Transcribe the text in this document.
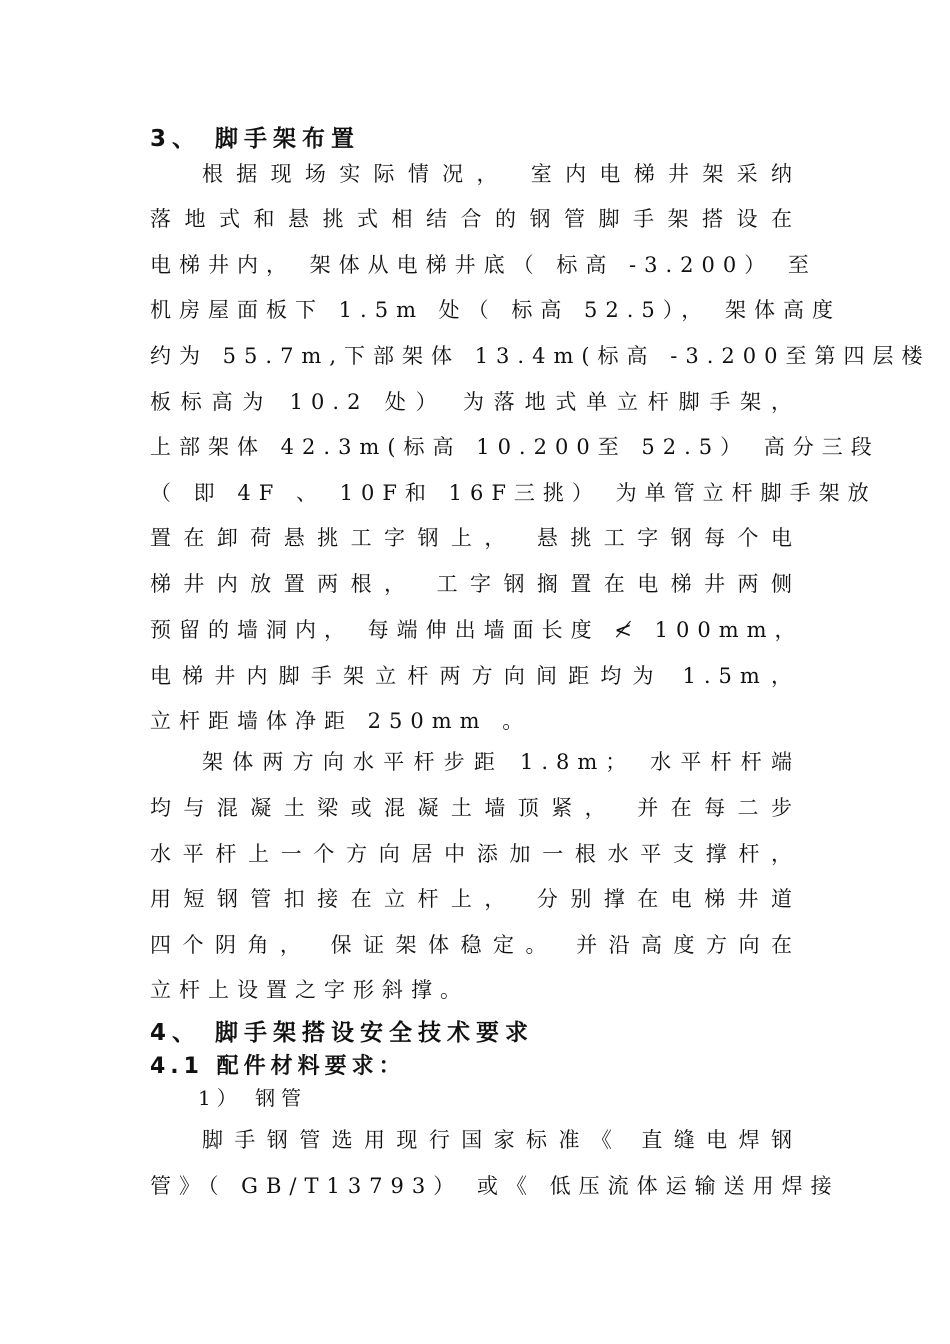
3、 脚手架布置
根据现场实际情况， 室内电梯井架采纳
落地式和悬挑式相结合的钢管脚手架搭设在
电梯井内， 架体从电梯井底（ 标高 -3.200） 至
机房屋面板下 1.5m 处（ 标高 52.5）， 架体高度
约为 55.7m,下部架体 13.4m(标高 -3.200至第四层楼
板标高为 10.2 处） 为落地式单立杆脚手架，
上部架体 42.3m(标高 10.200至 52.5） 高分三段
（ 即 4F 、 10F和 16F三挑） 为单管立杆脚手架放
置在卸荷悬挑工字钢上， 悬挑工字钢每个电
梯井内放置两根， 工字钢搁置在电梯井两侧
预留的墙洞内， 每端伸出墙面长度 ≮ 100mm，
电梯井内脚手架立杆两方向间距均为 1.5m，
立杆距墙体净距 250mm 。
架体两方向水平杆步距 1.8m； 水平杆杆端
均与混凝土梁或混凝土墙顶紧， 并在每二步
水平杆上一个方向居中添加一根水平支撑杆，
用短钢管扣接在立杆上， 分别撑在电梯井道
四个阴角， 保证架体稳定。 并沿高度方向在
立杆上设置之字形斜撑。
4、 脚手架搭设安全技术要求
4.1 配件材料要求：
1） 钢管
脚手钢管选用现行国家标准《 直缝电焊钢
管》（ GB/T13793） 或《 低压流体运输送用焊接
